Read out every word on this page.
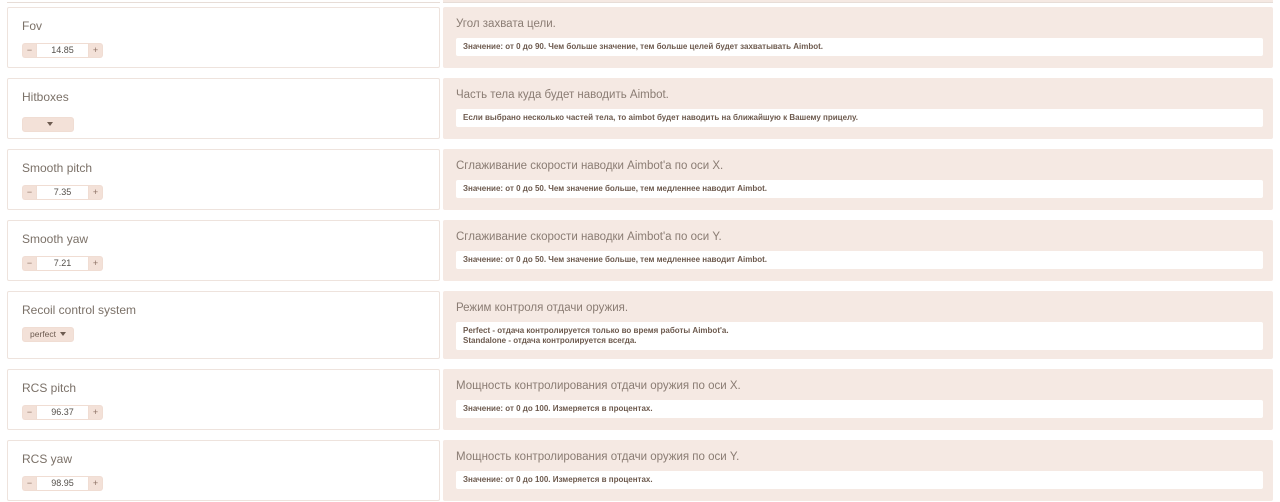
Fov
−
14.85	+
Угол захвата цели.
Значение: от 0 до 90. Чем больше значение, тем больше целей будет захватывать Aimbot.
Hitboxes	Часть тела куда будет наводить Aimbot.
Если выбрано несколько частей тела, то aimbot будет наводить на ближайшую к Вашему прицелу.
Smooth pitch
−
7.35	+
Сглаживание скорости наводки Aimbot'а по оси X.
Значение: от 0 до 50. Чем значение больше, тем медленнее наводит Aimbot.
Smooth yaw
−
7.21	+
Сглаживание скорости наводки Aimbot'а по оси Y.
Значение: от 0 до 50. Чем значение больше, тем медленнее наводит Aimbot.
Recoil control system
perfect
Режим контроля отдачи оружия.
Perfect - отдача контролируется только во время работы Aimbot'а.
Standalone - отдача контролируется всегда.
RCS pitch
−
96.37	+
Мощность контролирования отдачи оружия по оси X.
Значение: от 0 до 100. Измеряется в процентах.
RCS yaw
−
98.95	+
Мощность контролирования отдачи оружия по оси Y.
Значение: от 0 до 100. Измеряется в процентах.
